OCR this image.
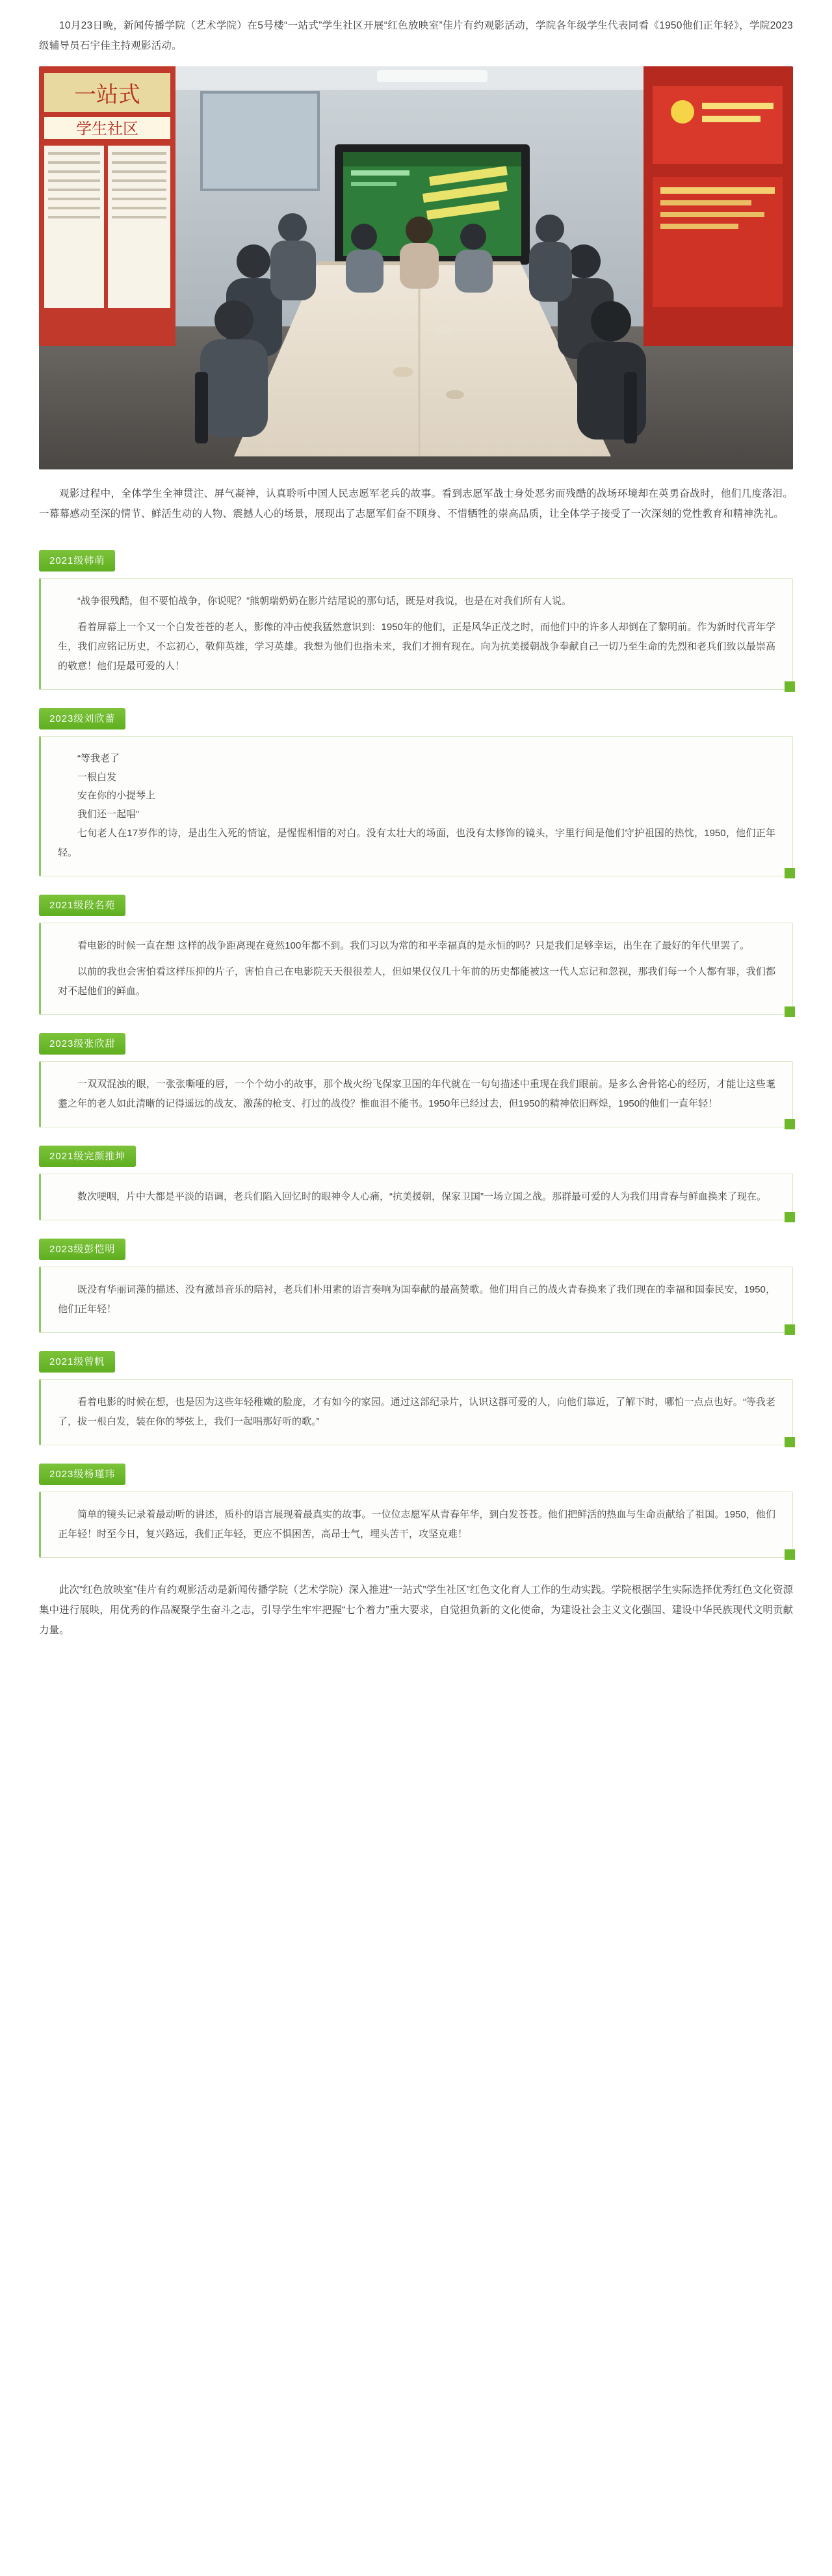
10月23日晚，新闻传播学院（艺术学院）在5号楼“一站式”学生社区开展“红色放映室”佳片有约观影活动，学院各年级学生代表同看《1950他们正年轻》，学院2023级辅导员石宇佳主持观影活动。

一站式
学生社区

观影过程中，全体学生全神贯注、屏气凝神，认真聆听中国人民志愿军老兵的故事。看到志愿军战士身处恶劣而残酷的战场环境却在英勇奋战时，他们几度落泪。一幕幕感动至深的情节、鲜活生动的人物、震撼人心的场景，展现出了志愿军们奋不顾身、不惜牺牲的崇高品质，让全体学子接受了一次深刻的党性教育和精神洗礼。

2021级韩萌

“战争很残酷，但不要怕战争，你说呢？”熊朝瑞奶奶在影片结尾说的那句话，既是对我说，也是在对我们所有人说。

看着屏幕上一个又一个白发苍苍的老人，影像的冲击使我猛然意识到：1950年的他们，正是风华正茂之时，而他们中的许多人却倒在了黎明前。作为新时代青年学生，我们应铭记历史，不忘初心，敬仰英雄，学习英雄。我想为他们也指未来，我们才拥有现在。向为抗美援朝战争奉献自己一切乃至生命的先烈和老兵们致以最崇高的敬意！他们是最可爱的人！

2023级刘欣薔

“等我老了

一根白发

安在你的小提琴上

我们还一起唱”

七旬老人在17岁作的诗，是出生入死的情谊，是惺惺相惜的对白。没有太壮大的场面，也没有太修饰的镜头，字里行间是他们守护祖国的热忱，1950，他们正年轻。

2021级段名苑

看电影的时候一直在想 这样的战争距离现在竟然100年都不到。我们习以为常的和平幸福真的是永恒的吗？只是我们足够幸运，出生在了最好的年代里罢了。

以前的我也会害怕看这样压抑的片子，害怕自己在电影院天天很很差人，但如果仅仅几十年前的历史都能被这一代人忘记和忽视，那我们每一个人都有罪，我们都对不起他们的鲜血。

2023级张欣甜

一双双混浊的眼，一张张嘶哑的唇，一个个幼小的故事，那个战火纷飞保家卫国的年代就在一句句描述中重现在我们眼前。是多么舍骨铭心的经历，才能让这些耄耋之年的老人如此清晰的记得遥远的战友、激荡的枪支、打过的战役？惟血泪不能书。1950年已经过去，但1950的精神依旧辉煌，1950的他们一直年轻！

2021级完颜推坤

数次哽咽，片中大都是平淡的语调，老兵们陷入回忆时的眼神令人心痛，“抗美援朝，保家卫国”一场立国之战。那群最可爱的人为我们用青春与鲜血换来了现在。

2023级彭恺明

既没有华丽词藻的描述、没有激昂音乐的陪衬，老兵们朴用素的语言奏响为国奉献的最高赞歌。他们用自己的战火青春换来了我们现在的幸福和国泰民安，1950，他们正年轻！

2021级曾帆

看着电影的时候在想，也是因为这些年轻稚嫩的脸庞，才有如今的家园。通过这部纪录片，认识这群可爱的人，向他们靠近，了解下时，哪怕一点点也好。“等我老了，拔一根白发，装在你的琴弦上，我们一起唱那好听的歌。”

2023级杨瑾玮

简单的镜头记录着最动听的讲述，质朴的语言展现着最真实的故事。一位位志愿军从青春年华，到白发苍苍。他们把鲜活的热血与生命贡献给了祖国。1950，他们正年轻！时至今日，复兴路远，我们正年轻，更应不惧困苦，高昂士气，埋头苦干，攻坚克难！

此次“红色放映室”佳片有约观影活动是新闻传播学院（艺术学院）深入推进“一站式”学生社区”红色文化育人工作的生动实践。学院根据学生实际选择优秀红色文化资源集中进行展映，用优秀的作品凝聚学生奋斗之志，引导学生牢牢把握“七个着力”重大要求，自觉担负新的文化使命，为建设社会主义文化强国、建设中华民族现代文明贡献力量。
